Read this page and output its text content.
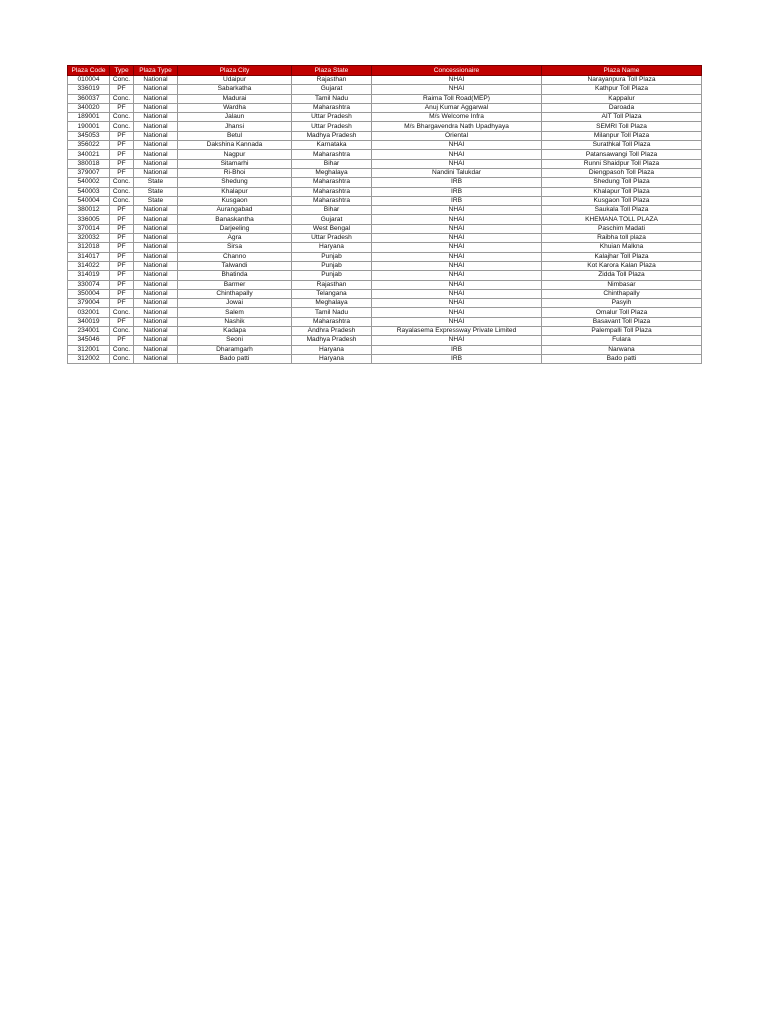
Plaza Code	Type	Plaza Type	Plaza City	Plaza State	Concessionaire	Plaza Name
010004	Conc.	National	Udaipur	Rajasthan	NHAI	Narayanpura Toll Plaza
336019	PF	National	Sabarkatha	Gujarat	NHAI	Kathpur Toll Plaza
360037	Conc.	National	Madurai	Tamil Nadu	Raima Toll Road(MEP)	Kappalur
340020	PF	National	Wardha	Maharashtra	Anuj Kumar Aggarwal	Daroada
189001	Conc.	National	Jalaun	Uttar Pradesh	M/s Welcome Infra	AIT Toll Plaza
190001	Conc.	National	Jhansi	Uttar Pradesh	M/s Bhargavendra Nath Upadhyaya	SEMRI Toll Plaza
345053	PF	National	Betul	Madhya Pradesh	Oriental	Milanpur Toll Plaza
356022	PF	National	Dakshina Kannada	Karnataka	NHAI	Surathkal Toll Plaza
340021	PF	National	Nagpur	Maharashtra	NHAI	Patansawangi Toll Plaza
380018	PF	National	Sitamarhi	Bihar	NHAI	Runni Shaidpur Toll Plaza
379007	PF	National	Ri-Bhoi	Meghalaya	Nandini Talukdar	Diengpasoh Toll Plaza
540002	Conc.	State	Shedung	Maharashtra	IRB	Shedung Toll Plaza
540003	Conc.	State	Khalapur	Maharashtra	IRB	Khalapur Toll Plaza
540004	Conc.	State	Kusgaon	Maharashtra	IRB	Kusgaon Toll Plaza
380012	PF	National	Aurangabad	Bihar	NHAI	Saukala Toll Plaza
336005	PF	National	Banaskantha	Gujarat	NHAI	KHEMANA TOLL PLAZA
370014	PF	National	Darjeeling	West Bengal	NHAI	Paschim Madati
320032	PF	National	Agra	Uttar Pradesh	NHAI	Raibha toll plaza
312018	PF	National	Sirsa	Haryana	NHAI	Khuian Malkna
314017	PF	National	Channo	Punjab	NHAI	Kalajhar Toll Plaza
314022	PF	National	Talwandi	Punjab	NHAI	Kot Karora Kalan Plaza
314019	PF	National	Bhatinda	Punjab	NHAI	Zidda Toll Plaza
330074	PF	National	Barmer	Rajasthan	NHAI	Nimbasar
350004	PF	National	Chinthapally	Telangana	NHAI	Chinthapally
379004	PF	National	Jowai	Meghalaya	NHAI	Pasyih
032001	Conc.	National	Salem	Tamil Nadu	NHAI	Omalur Toll Plaza
340019	PF	National	Nashik	Maharashtra	NHAI	Basavant Toll Plaza
234001	Conc.	National	Kadapa	Andhra Pradesh	Rayalasema Expressway Private Limited	Palempalli Toll Plaza
345046	PF	National	Seoni	Madhya Pradesh	NHAI	Fulara
312001	Conc.	National	Dharamgarh	Haryana	IRB	Narwana
312002	Conc.	National	Bado patti	Haryana	IRB	Bado patti
